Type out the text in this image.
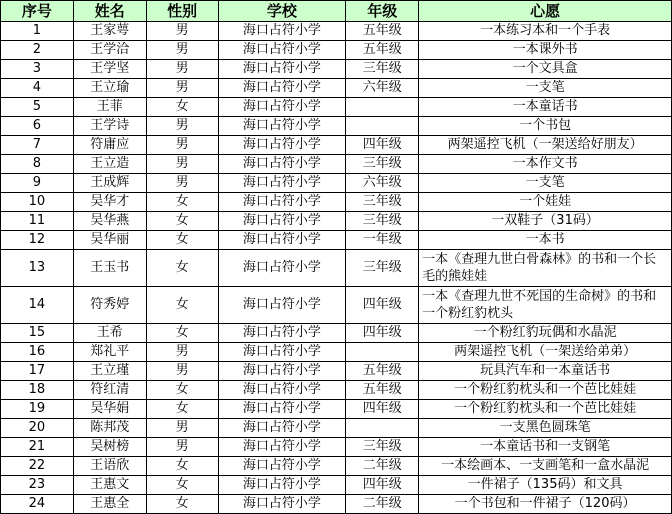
序号	姓名	性别	学校	年级	心愿
1	王家萼	男	海口占符小学	五年级	一本练习本和一个手表
2	王学洽	男	海口占符小学	五年级	一本课外书
3	王学坚	男	海口占符小学	三年级	一个文具盒
4	王立瑜	男	海口占符小学	六年级	一支笔
5	王菲	女	海口占符小学		一本童话书
6	王学诗	男	海口占符小学		一个书包
7	符庸应	男	海口占符小学	四年级	两架遥控飞机（一架送给好朋友）
8	王立造	男	海口占符小学	三年级	一本作文书
9	王成辉	男	海口占符小学	六年级	一支笔
10	吴华才	女	海口占符小学	三年级	一个娃娃
11	吴华燕	女	海口占符小学	三年级	一双鞋子（31码）
12	吴华丽	女	海口占符小学	一年级	一本书
13	王玉书	女	海口占符小学	三年级	一本《查理九世白骨森林》的书和一个长毛的熊娃娃
14	符秀婷	女	海口占符小学	四年级	一本《查理九世不死国的生命树》的书和一个粉红豹枕头
15	王希	女	海口占符小学	四年级	一个粉红豹玩偶和水晶泥
16	郑礼平	男	海口占符小学		两架遥控飞机（一架送给弟弟）
17	王立瑾	男	海口占符小学	五年级	玩具汽车和一本童话书
18	符红清	女	海口占符小学	五年级	一个粉红豹枕头和一个芭比娃娃
19	吴华娟	女	海口占符小学	四年级	一个粉红豹枕头和一个芭比娃娃
20	陈邦茂	男	海口占符小学		一支黑色圆珠笔
21	吴树榜	男	海口占符小学	三年级	一本童话书和一支钢笔
22	王语欣	女	海口占符小学	二年级	一本绘画本、一支画笔和一盒水晶泥
23	王惠文	女	海口占符小学	四年级	一件裙子（135码）和文具
24	王惠全	女	海口占符小学	二年级	一个书包和一件裙子（120码）
